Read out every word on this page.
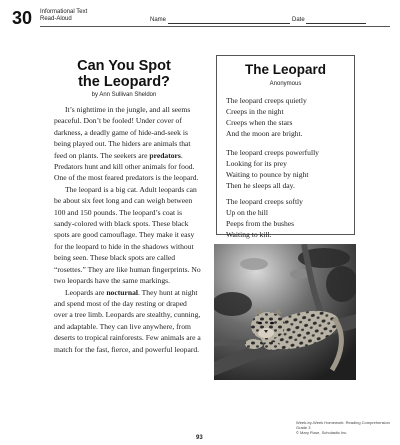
30 Informational Text
Read-Aloud	Name	Date
Can You Spot
the Leopard?
by Ann Sullivan Sheldon

It’s nighttime in the jungle, and all seems peaceful. Don’t be fooled! Under cover of darkness, a deadly game of hide-and-seek is being played out. The hiders are animals that feed on plants. The seekers are predators. Predators hunt and kill other animals for food. One of the most feared predators is the leopard.

The leopard is a big cat. Adult leopards can be about six feet long and can weigh between 100 and 150 pounds. The leopard’s coat is sandy-colored with black spots. These black spots are good camouflage. They make it easy for the leopard to hide in the shadows without being seen. These black spots are called “rosettes.” They are like human fingerprints. No two leopards have the same markings.

Leopards are nocturnal. They hunt at night and spend most of the day resting or draped over a tree limb. Leopards are stealthy, cunning, and adaptable. They can live anywhere, from deserts to tropical rainforests. Few animals are a match for the fast, fierce, and powerful leopard.

The Leopard
Anonymous
The leopard creeps quietly
Creeps in the night
Creeps when the stars
And the moon are bright.
The leopard creeps powerfully
Looking for its prey
Waiting to pounce by night
Then he sleeps all day.
The leopard creeps softly
Up on the hill
Peeps from the bushes
Waiting to kill.
Week-by-Week Homework: Reading Comprehension Grade 3
© Mary Rose, Scholastic Inc.
93
